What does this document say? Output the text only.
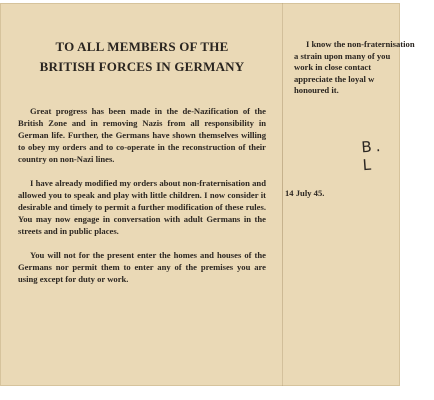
TO ALL MEMBERS OF THE
BRITISH FORCES IN GERMANY

Great progress has been made in the de-Nazification of the British Zone and in removing Nazis from all responsibility in German life. Further, the Germans have shown themselves willing to obey my orders and to co-operate in the reconstruction of their country on non-Nazi lines.

I have already modified my orders about non-fraternisation and allowed you to speak and play with little children. I now consider it desirable and timely to permit a further modification of these rules. You may now engage in conversation with adult Germans in the streets and in public places.

You will not for the present enter the homes and houses of the Germans nor permit them to enter any of the premises you are using except for duty or work.

I know the non-fraternisation
a strain upon many of you
work in close contact
appreciate the loyal w
honoured it.
B. L
14 July 45.
